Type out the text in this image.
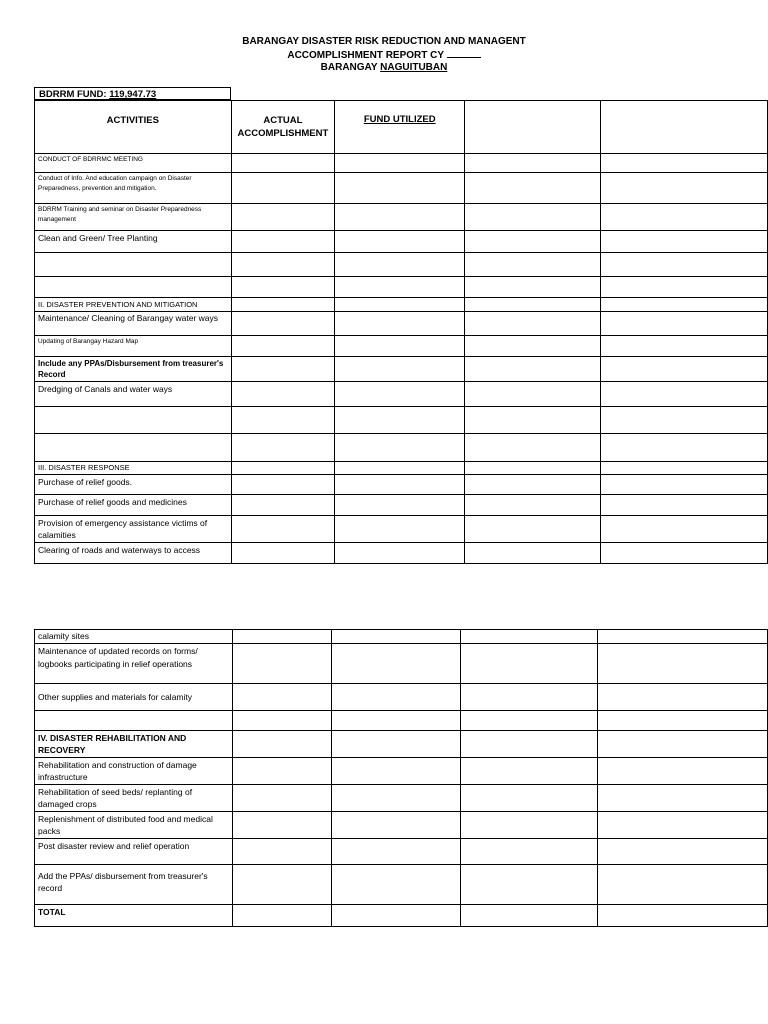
BARANGAY DISASTER RISK REDUCTION AND MANAGENT
ACCOMPLISHMENT REPORT CY
BARANGAY NAGUITUBAN
BDRRM FUND: 119,947.73
ACTIVITIES	ACTUAL ACCOMPLISHMENT	FUND UTILIZED		
CONDUCT OF BDRRMC MEETING				
Conduct of Info. And education campaign on Disaster Preparedness, prevention and mitigation.				
BDRRM Training and seminar on Disaster Preparedness management				
Clean and Green/ Tree Planting				

II. DISASTER PREVENTION AND MITIGATION				
Maintenance/ Cleaning of Barangay water ways				
Updating of Barangay Hazard Map				
Include any PPAs/Disbursement from treasurer's Record				
Dredging of Canals and water ways				

III. DISASTER RESPONSE				
Purchase of relief goods.				
Purchase of relief goods and medicines				
Provision of emergency assistance victims of calamities				
Clearing of roads and waterways to access				
calamity sites				
Maintenance of updated records on forms/ logbooks participating in relief operations				
Other supplies and materials for calamity				

IV. DISASTER REHABILITATION AND RECOVERY				
Rehabilitation and construction of damage infrastructure				
Rehabilitation of seed beds/ replanting of damaged crops				
Replenishment of distributed food and medical packs				
Post disaster review and relief operation				
Add the PPAs/ disbursement from treasurer's record				
TOTAL				
